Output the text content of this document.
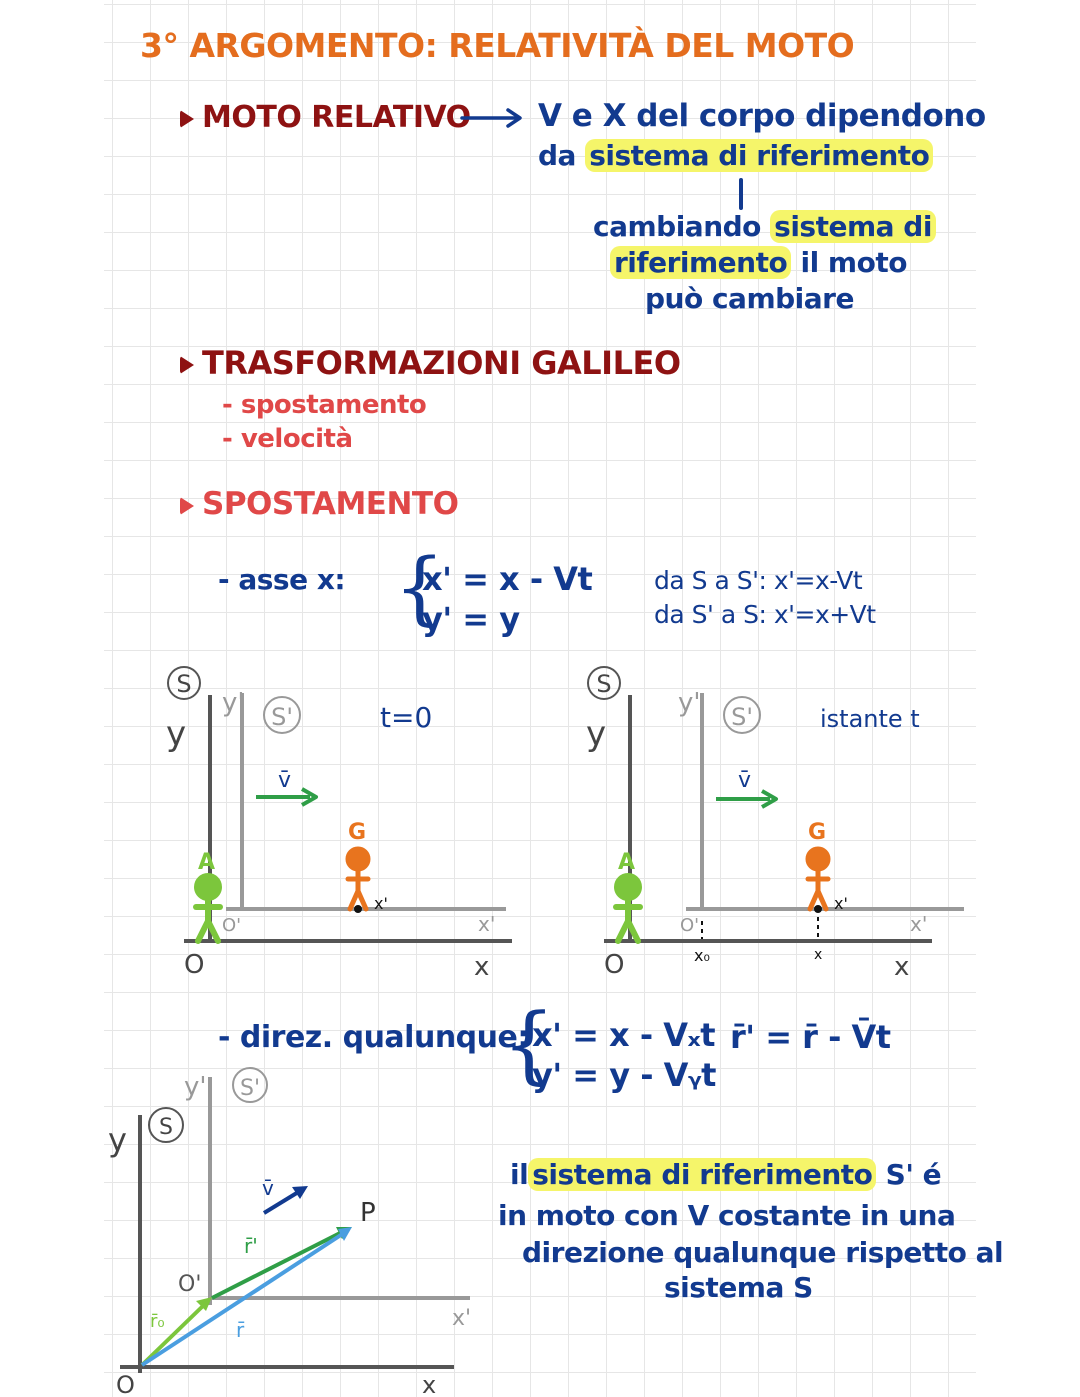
3° ARGOMENTO: RELATIVITÀ DEL MOTO
MOTO RELATIVO V e X del corpo dipendono
da sistema di riferimento
cambiando sistema di
riferimento il moto
può cambiare
TRASFORMAZIONI GALILEO
- spostamento
- velocità
SPOSTAMENTO
- asse x: {
x' = x - Vt
y' = y
da S a S': x'=x-Vt
da S' a S: x'=x+Vt
S
y
O	x
y' S'
O'	x'
t=0
v̄
A
G
x'
S
y
O	x
y' S'
O'	x'
x₀
istante t
v̄
A
G
x'
x
- direz. qualunque:
{
x' = x - Vₓt
y' = y - Vᵧt
r̄' = r̄ - V̄t
y' S'
x'
O'
y S
O	x
r̄₀
r̄'
r̄
P
v̄	il sistema di riferimento S' é
in moto con V costante in una
direzione qualunque rispetto al
sistema S
